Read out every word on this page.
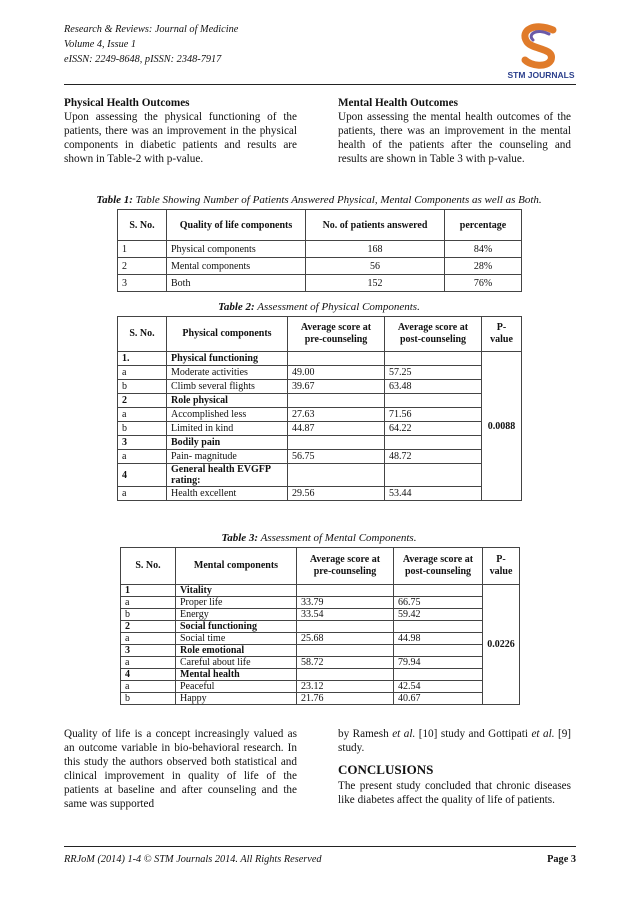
Research & Reviews: Journal of Medicine
Volume 4, Issue 1
eISSN: 2249-8648, pISSN: 2348-7917
STM JOURNALS
Physical Health Outcomes

Upon assessing the physical functioning of the patients, there was an improvement in the physical components in diabetic patients and results are shown in Table-2 with p-value.

Mental Health Outcomes

Upon assessing the mental health outcomes of the patients, there was an improvement in the mental health of the patients after the counseling and results are shown in Table 3 with p-value.

Table 1: Table Showing Number of Patients Answered Physical, Mental Components as well as Both.
S. No.	Quality of life components	No. of patients answered	percentage
1	Physical components	168	84%
2	Mental components	56	28%
3	Both	152	76%
Table 2: Assessment of Physical Components.
S. No.	Physical components	Average score at pre-counseling	Average score at post-counseling	P-value
1.	Physical functioning			0.0088
a	Moderate activities	49.00	57.25	
b	Climb several flights	39.67	63.48	
2	Role physical			
a	Accomplished less	27.63	71.56	
b	Limited in kind	44.87	64.22	
3	Bodily pain			
a	Pain- magnitude	56.75	48.72	
4	General health EVGFP rating:			
a	Health excellent	29.56	53.44	
Table 3: Assessment of Mental Components.
S. No.	Mental components	Average score at pre-counseling	Average score at post-counseling	P-value
1	Vitality			0.0226
a	Proper life	33.79	66.75	
b	Energy	33.54	59.42	
2	Social functioning			
a	Social time	25.68	44.98	
3	Role emotional			
a	Careful about life	58.72	79.94	
4	Mental health			
a	Peaceful	23.12	42.54	
b	Happy	21.76	40.67	

Quality of life is a concept increasingly valued as an outcome variable in bio-behavioral research. In this study the authors observed both statistical and clinical improvement in quality of life of the patients at baseline and after counseling and the same was supported

by Ramesh et al. [10] study and Gottipati et al. [9] study.

CONCLUSIONS

The present study concluded that chronic diseases like diabetes affect the quality of life of patients.

RRJoM (2014) 1-4 © STM Journals 2014. All Rights Reserved	Page 3
